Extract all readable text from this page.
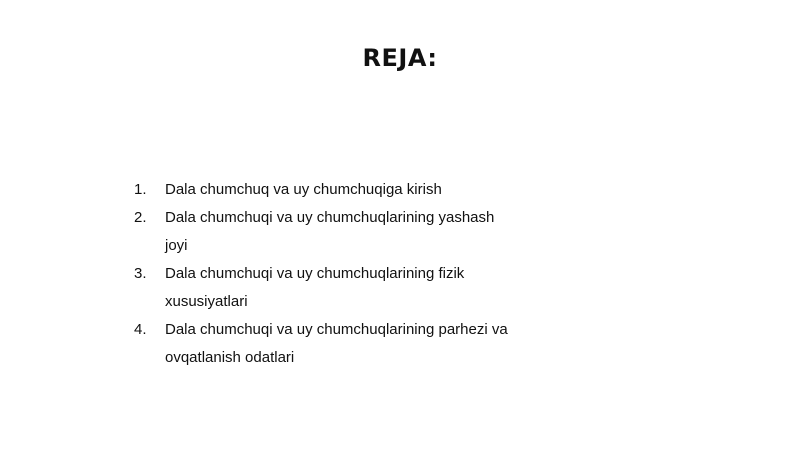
REJA:
1.	Dala chumchuq va uy chumchuqiga kirish
2.	Dala chumchuqi va uy chumchuqlarining yashash joyi
3.	Dala chumchuqi va uy chumchuqlarining fizik xususiyatlari
4.	Dala chumchuqi va uy chumchuqlarining parhezi va ovqatlanish odatlari
